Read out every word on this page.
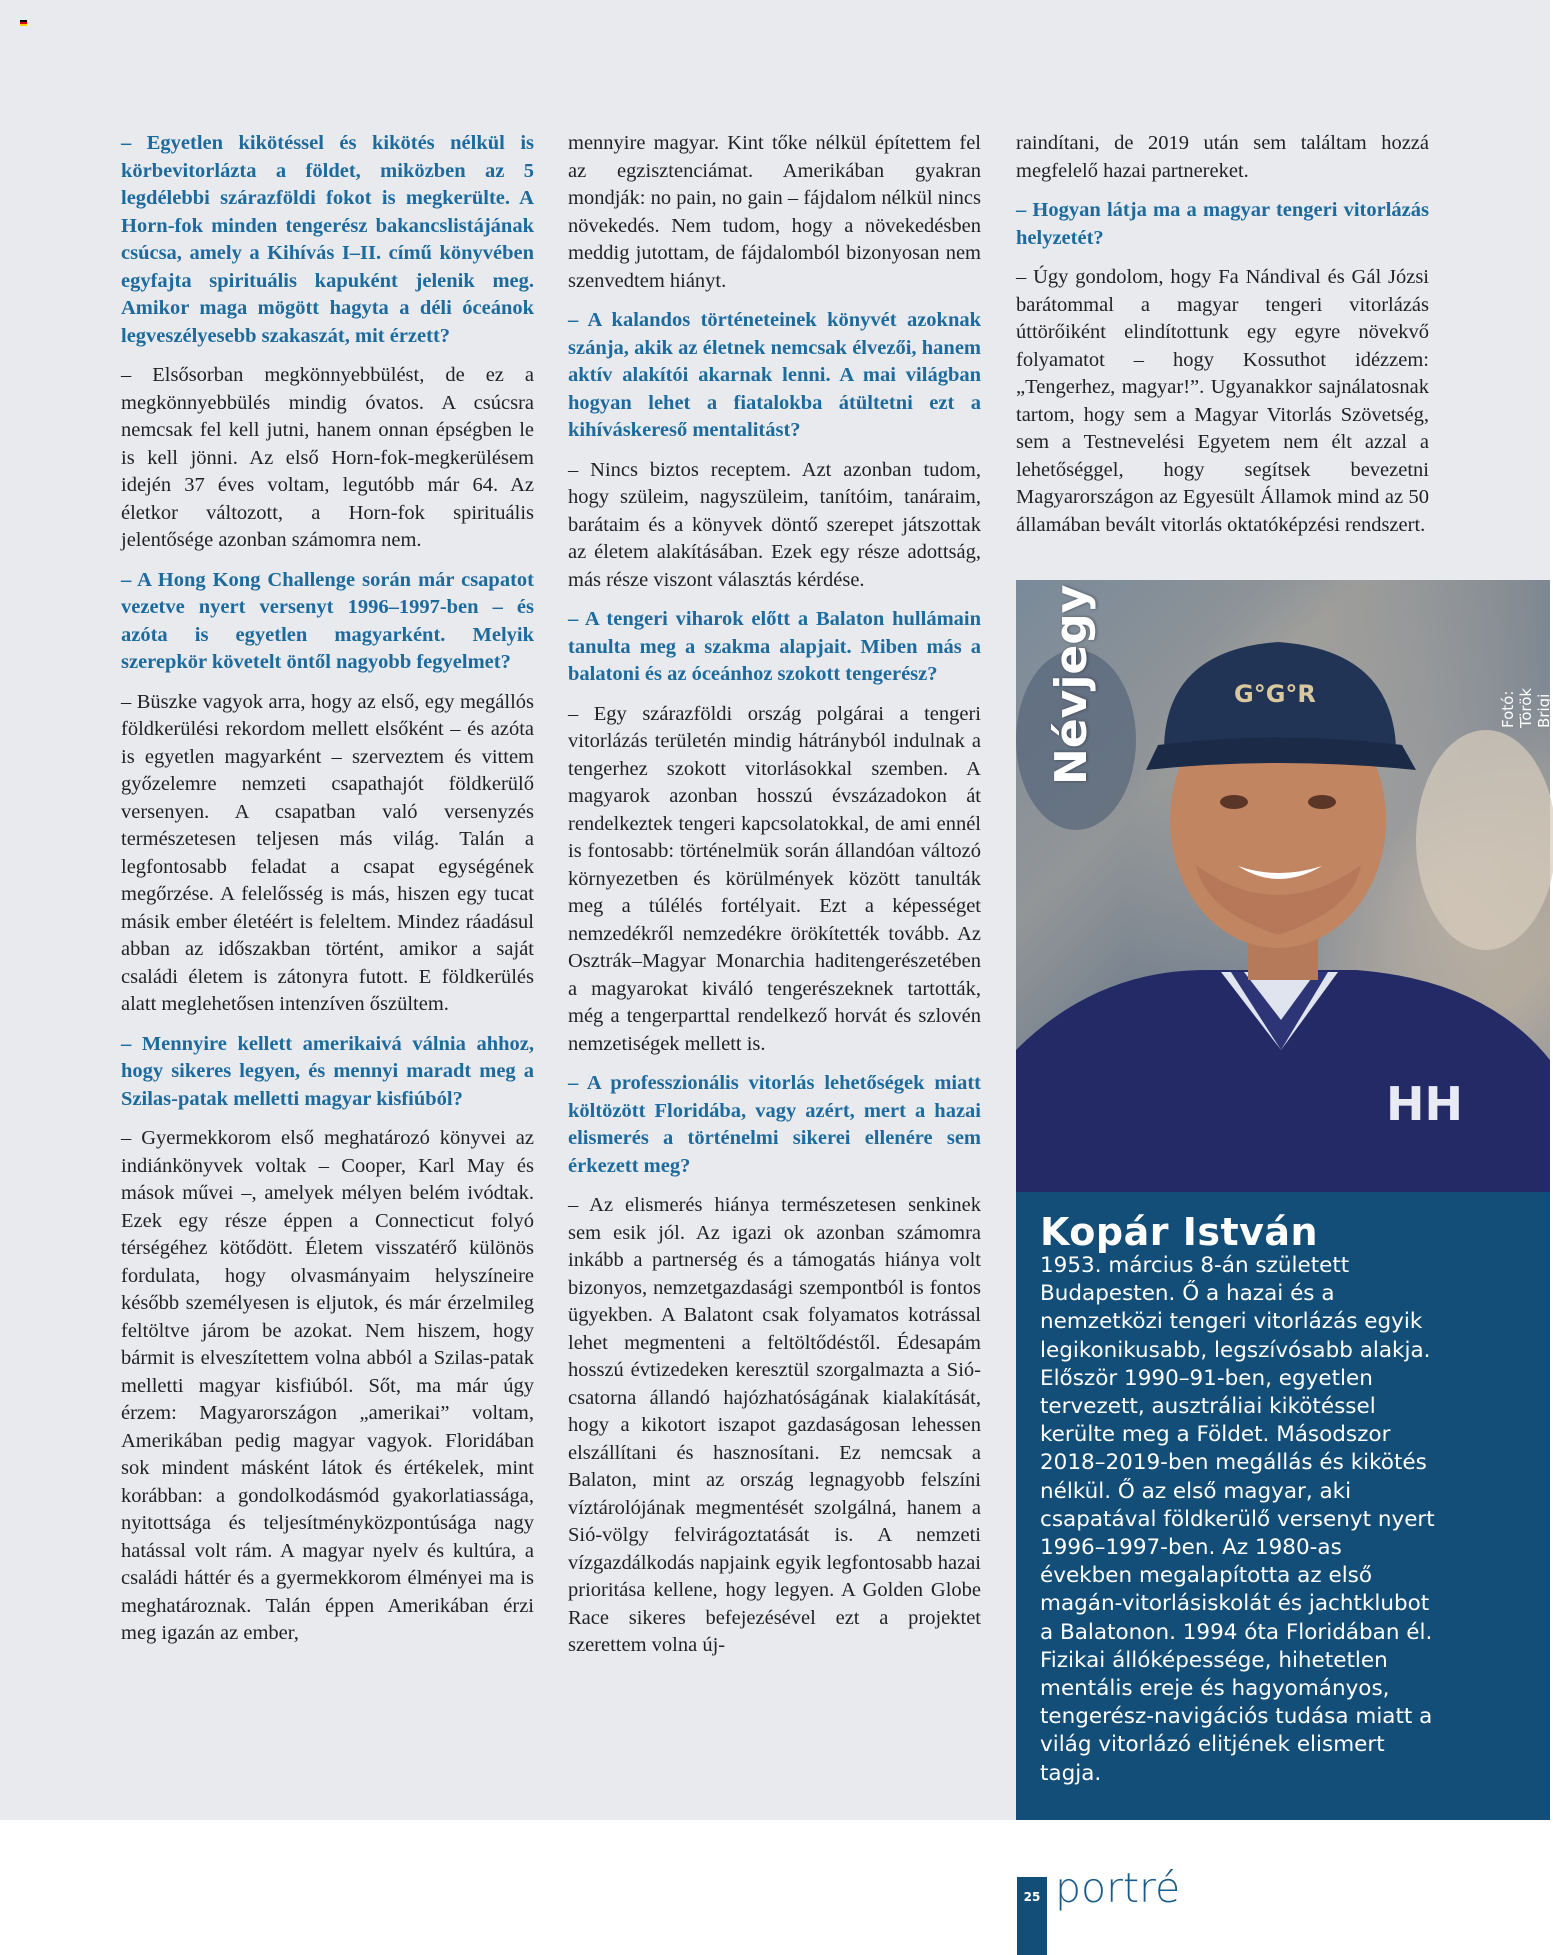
– Egyetlen kikötéssel és kikötés nélkül is körbevitorlázta a földet, miközben az 5 legdélebbi szárazföldi fokot is megkerülte. A Horn-fok minden tengerész bakancslistájának csúcsa, amely a Kihívás I–II. című könyvében egyfajta spirituális kapuként jelenik meg. Amikor maga mögött hagyta a déli óceánok legveszélyesebb szakaszát, mit érzett?

– Elsősorban megkönnyebbülést, de ez a megkönnyebbülés mindig óvatos. A csúcsra nemcsak fel kell jutni, hanem onnan épségben le is kell jönni. Az első Horn-fok-megkerülésem idején 37 éves voltam, legutóbb már 64. Az életkor változott, a Horn-fok spirituális jelentősége azonban számomra nem.

– A Hong Kong Challenge során már csapatot vezetve nyert versenyt 1996–1997-ben – és azóta is egyetlen magyarként. Melyik szerepkör követelt öntől nagyobb fegyelmet?

– Büszke vagyok arra, hogy az első, egy megállós földkerülési rekordom mellett elsőként – és azóta is egyetlen magyarként – szerveztem és vittem győzelemre nemzeti csapathajót földkerülő versenyen. A csapatban való versenyzés természetesen teljesen más világ. Talán a legfontosabb feladat a csapat egységének megőrzése. A felelősség is más, hiszen egy tucat másik ember életéért is feleltem. Mindez ráadásul abban az időszakban történt, amikor a saját családi életem is zátonyra futott. E földkerülés alatt meglehetősen intenzíven őszültem.

– Mennyire kellett amerikaivá válnia ahhoz, hogy sikeres legyen, és mennyi maradt meg a Szilas-patak melletti magyar kisfiúból?

– Gyermekkorom első meghatározó könyvei az indiánkönyvek voltak – Cooper, Karl May és mások művei –, amelyek mélyen belém ivódtak. Ezek egy része éppen a Connecticut folyó térségéhez kötődött. Életem visszatérő különös fordulata, hogy olvasmányaim helyszíneire később személyesen is eljutok, és már érzelmileg feltöltve járom be azokat. Nem hiszem, hogy bármit is elveszítettem volna abból a Szilas-patak melletti magyar kisfiúból. Sőt, ma már úgy érzem: Magyarországon „amerikai” voltam, Amerikában pedig magyar vagyok. Floridában sok mindent másként látok és értékelek, mint korábban: a gondolkodásmód gyakorlatiassága, nyitottsága és teljesítményközpontúsága nagy hatással volt rám. A magyar nyelv és kultúra, a családi háttér és a gyermekkorom élményei ma is meghatároznak. Talán éppen Amerikában érzi meg igazán az ember,

mennyire magyar. Kint tőke nélkül építettem fel az egzisztenciámat. Amerikában gyakran mondják: no pain, no gain – fájdalom nélkül nincs növekedés. Nem tudom, hogy a növekedésben meddig jutottam, de fájdalomból bizonyosan nem szenvedtem hiányt.

– A kalandos történeteinek könyvét azoknak szánja, akik az életnek nemcsak élvezői, hanem aktív alakítói akarnak lenni. A mai világban hogyan lehet a fiatalokba átültetni ezt a kihíváskereső mentalitást?

– Nincs biztos receptem. Azt azonban tudom, hogy szüleim, nagyszüleim, tanítóim, tanáraim, barátaim és a könyvek döntő szerepet játszottak az életem alakításában. Ezek egy része adottság, más része viszont választás kérdése.

– A tengeri viharok előtt a Balaton hullámain tanulta meg a szakma alapjait. Miben más a balatoni és az óceánhoz szokott tengerész?

– Egy szárazföldi ország polgárai a tengeri vitorlázás területén mindig hátrányból indulnak a tengerhez szokott vitorlásokkal szemben. A magyarok azonban hosszú évszázadokon át rendelkeztek tengeri kapcsolatokkal, de ami ennél is fontosabb: történelmük során állandóan változó környezetben és körülmények között tanulták meg a túlélés fortélyait. Ezt a képességet nemzedékről nemzedékre örökítették tovább. Az Osztrák–Magyar Monarchia haditengerészetében a magyarokat kiváló tengerészeknek tartották, még a tengerparttal rendelkező horvát és szlovén nemzetiségek mellett is.

– A professzionális vitorlás lehetőségek miatt költözött Floridába, vagy azért, mert a hazai elismerés a történelmi sikerei ellenére sem érkezett meg?

– Az elismerés hiánya természetesen senkinek sem esik jól. Az igazi ok azonban számomra inkább a partnerség és a támogatás hiánya volt bizonyos, nemzetgazdasági szempontból is fontos ügyekben. A Balatont csak folyamatos kotrással lehet megmenteni a feltöltődéstől. Édesapám hosszú évtizedeken keresztül szorgalmazta a Sió-csatorna állandó hajózhatóságának kialakítását, hogy a kikotort iszapot gazdaságosan lehessen elszállítani és hasznosítani. Ez nemcsak a Balaton, mint az ország legnagyobb felszíni víztárolójának megmentését szolgálná, hanem a Sió-völgy felvirágoztatását is. A nemzeti vízgazdálkodás napjaink egyik legfontosabb hazai prioritása kellene, hogy legyen. A Golden Globe Race sikeres befejezésével ezt a projektet szerettem volna új-

raindítani, de 2019 után sem találtam hozzá megfelelő hazai partnereket.

– Hogyan látja ma a magyar tengeri vitorlázás helyzetét?

– Úgy gondolom, hogy Fa Nándival és Gál Józsi barátommal a magyar tengeri vitorlázás úttörőiként elindítottunk egy egyre növekvő folyamatot – hogy Kossuthot idézzem: „Tengerhez, magyar!”. Ugyanakkor sajnálatosnak tartom, hogy sem a Magyar Vitorlás Szövetség, sem a Testnevelési Egyetem nem élt azzal a lehetőséggel, hogy segítsek bevezetni Magyarországon az Egyesült Államok mind az 50 államában bevált vitorlás oktatóképzési rendszert.

G°G°R
HH
Névjegy	Fotó: Török Brigi
Kopár István
1953. március 8-án született Budapesten. Ő a hazai és a nemzetközi tengeri vitorlázás egyik legikonikusabb, legszívósabb alakja. Először 1990–91-ben, egyetlen tervezett, ausztráliai kikötéssel kerülte meg a Földet. Másodszor 2018–2019-ben megállás és kikötés nélkül. Ő az első magyar, aki csapatával földkerülő versenyt nyert 1996–1997-ben. Az 1980-as években megalapította az első magán-vitorlásiskolát és jachtklubot a Balatonon. 1994 óta Floridában él. Fizikai állóképessége, hihetetlen mentális ereje és hagyományos, tengerész-navigációs tudása miatt a világ vitorlázó elitjének elismert tagja.
25 portré
